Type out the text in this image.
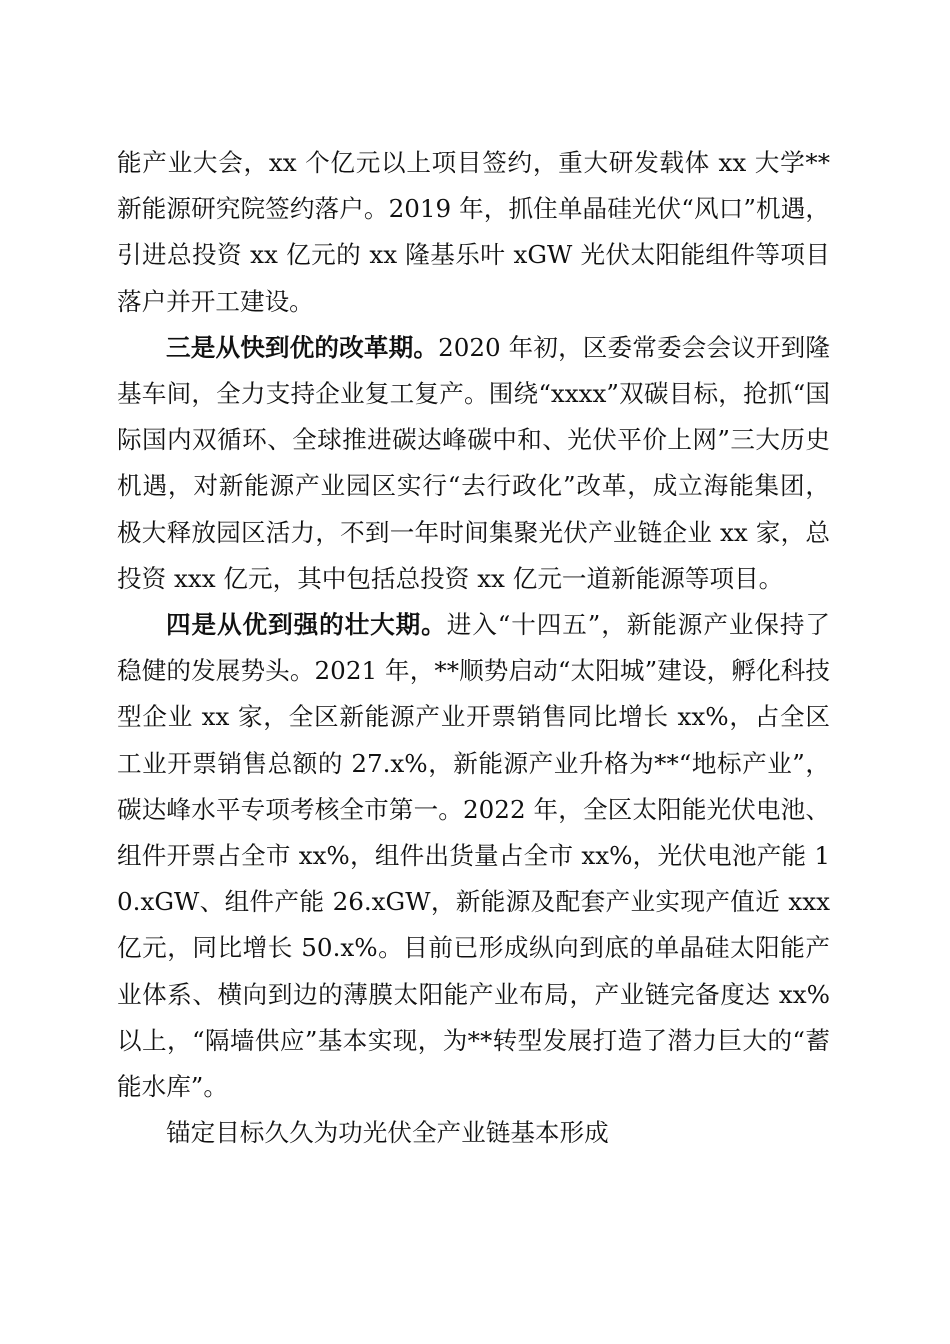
能产业大会，xx 个亿元以上项目签约，重大研发载体 xx 大学**新能源研究院签约落户。2019 年，抓住单晶硅光伏“风口”机遇，引进总投资 xx 亿元的 xx 隆基乐叶 xGW 光伏太阳能组件等项目落户并开工建设。

三是从快到优的改革期。2020 年初，区委常委会会议开到隆基车间，全力支持企业复工复产。围绕“xxxx”双碳目标，抢抓“国际国内双循环、全球推进碳达峰碳中和、光伏平价上网”三大历史机遇，对新能源产业园区实行“去行政化”改革，成立海能集团，极大释放园区活力，不到一年时间集聚光伏产业链企业 xx 家，总投资 xxx 亿元，其中包括总投资 xx 亿元一道新能源等项目。

四是从优到强的壮大期。进入“十四五”，新能源产业保持了稳健的发展势头。2021 年，**顺势启动“太阳城”建设，孵化科技型企业 xx 家，全区新能源产业开票销售同比增长 xx%，占全区工业开票销售总额的 27.x%，新能源产业升格为**“地标产业”，碳达峰水平专项考核全市第一。2022 年，全区太阳能光伏电池、组件开票占全市 xx%，组件出货量占全市 xx%，光伏电池产能 10.xGW、组件产能 26.xGW，新能源及配套产业实现产值近 xxx 亿元，同比增长 50.x%。目前已形成纵向到底的单晶硅太阳能产业体系、横向到边的薄膜太阳能产业布局，产业链完备度达 xx%以上，“隔墙供应”基本实现，为**转型发展打造了潜力巨大的“蓄能水库”。

锚定目标久久为功光伏全产业链基本形成
